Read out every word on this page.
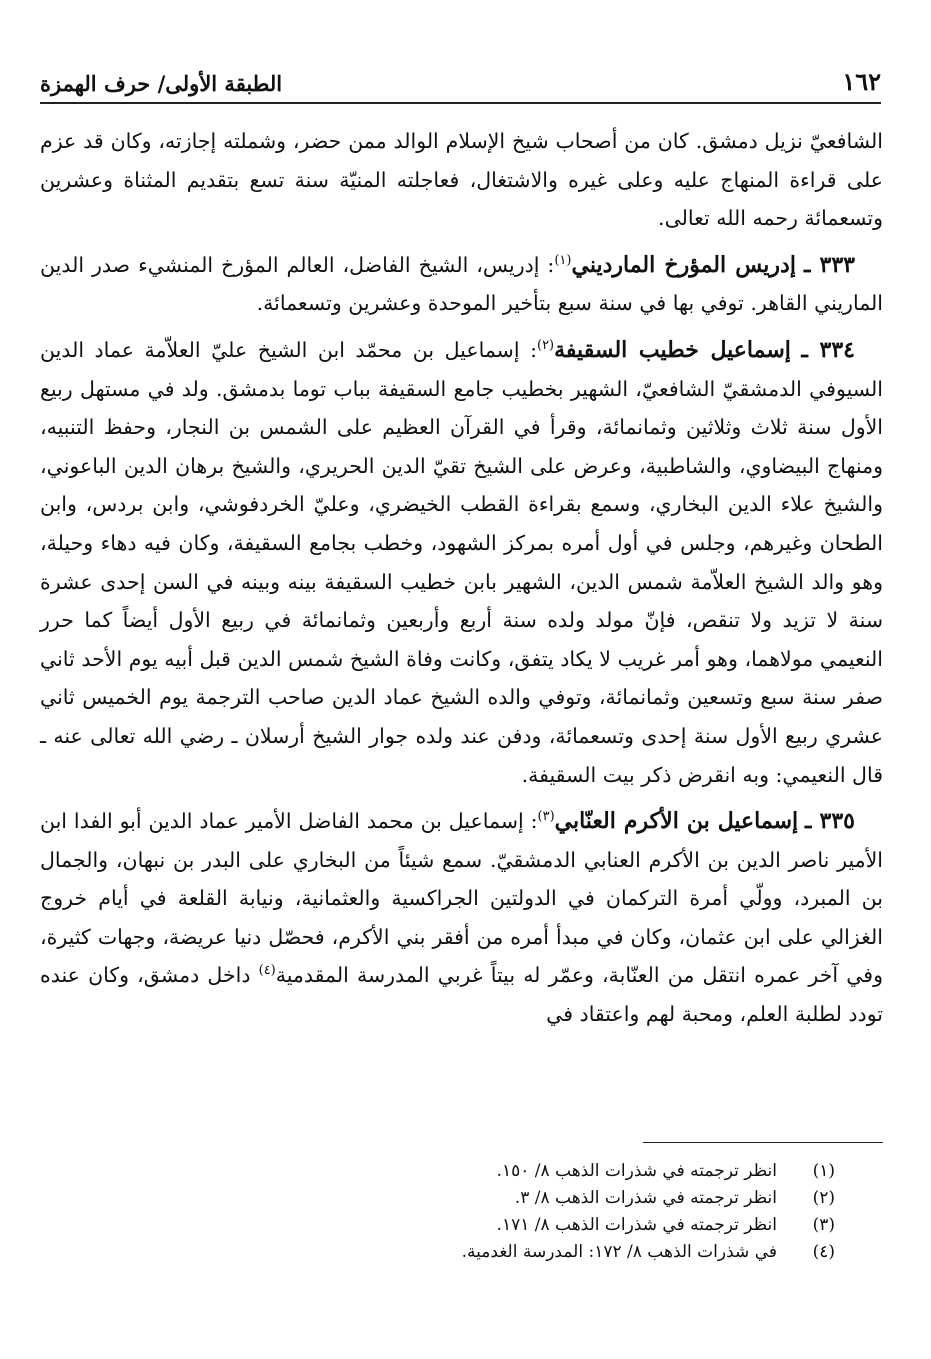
١٦٢
الطبقة الأولى/ حرف الهمزة

الشافعيّ نزيل دمشق. كان من أصحاب شيخ الإسلام الوالد ممن حضر، وشملته إجازته، وكان قد عزم على قراءة المنهاج عليه وعلى غيره والاشتغال، فعاجلته المنيّة سنة تسع بتقديم المثناة وعشرين وتسعمائة رحمه الله تعالى.

٣٣٣ ـ إدريس المؤرخ المارديني$^{(١)}$: إدريس، الشيخ الفاضل، العالم المؤرخ المنشيء صدر الدين الماريني القاهر. توفي بها في سنة سبع بتأخير الموحدة وعشرين وتسعمائة.

٣٣٤ ـ إسماعيل خطيب السقيفة$^{(٢)}$: إسماعيل بن محمّد ابن الشيخ عليّ العلاّمة عماد الدين السيوفي الدمشقيّ الشافعيّ، الشهير بخطيب جامع السقيفة بباب توما بدمشق. ولد في مستهل ربيع الأول سنة ثلاث وثلاثين وثمانمائة، وقرأ في القرآن العظيم على الشمس بن النجار، وحفظ التنبيه، ومنهاج البيضاوي، والشاطبية، وعرض على الشيخ تقيّ الدين الحريري، والشيخ برهان الدين الباعوني، والشيخ علاء الدين البخاري، وسمع بقراءة القطب الخيضري، وعليّ الخردفوشي، وابن بردس، وابن الطحان وغيرهم، وجلس في أول أمره بمركز الشهود، وخطب بجامع السقيفة، وكان فيه دهاء وحيلة، وهو والد الشيخ العلاّمة شمس الدين، الشهير بابن خطيب السقيفة بينه وبينه في السن إحدى عشرة سنة لا تزيد ولا تنقص، فإنّ مولد ولده سنة أربع وأربعين وثمانمائة في ربيع الأول أيضاً كما حرر النعيمي مولاهما، وهو أمر غريب لا يكاد يتفق، وكانت وفاة الشيخ شمس الدين قبل أبيه يوم الأحد ثاني صفر سنة سبع وتسعين وثمانمائة، وتوفي والده الشيخ عماد الدين صاحب الترجمة يوم الخميس ثاني عشري ربيع الأول سنة إحدى وتسعمائة، ودفن عند ولده جوار الشيخ أرسلان ـ رضي الله تعالى عنه ـ قال النعيمي: وبه انقرض ذكر بيت السقيفة.

٣٣٥ ـ إسماعيل بن الأكرم العنّابي$^{(٣)}$: إسماعيل بن محمد الفاضل الأمير عماد الدين أبو الفدا ابن الأمير ناصر الدين بن الأكرم العنابي الدمشقيّ. سمع شيئاً من البخاري على البدر بن نبهان، والجمال بن المبرد، وولّي أمرة التركمان في الدولتين الجراكسية والعثمانية، ونيابة القلعة في أيام خروج الغزالي على ابن عثمان، وكان في مبدأ أمره من أفقر بني الأكرم، فحصّل دنيا عريضة، وجهات كثيرة، وفي آخر عمره انتقل من العنّابة، وعمّر له بيتاً غربي المدرسة المقدمية$^{(٤)}$ داخل دمشق، وكان عنده تودد لطلبة العلم، ومحبة لهم واعتقاد في

(١)
انظر ترجمته في شذرات الذهب ٨/ ١٥٠.
(٢)
انظر ترجمته في شذرات الذهب ٨/ ٣.
(٣)
انظر ترجمته في شذرات الذهب ٨/ ١٧١.
(٤)
في شذرات الذهب ٨/ ١٧٢: المدرسة الغدمية.
